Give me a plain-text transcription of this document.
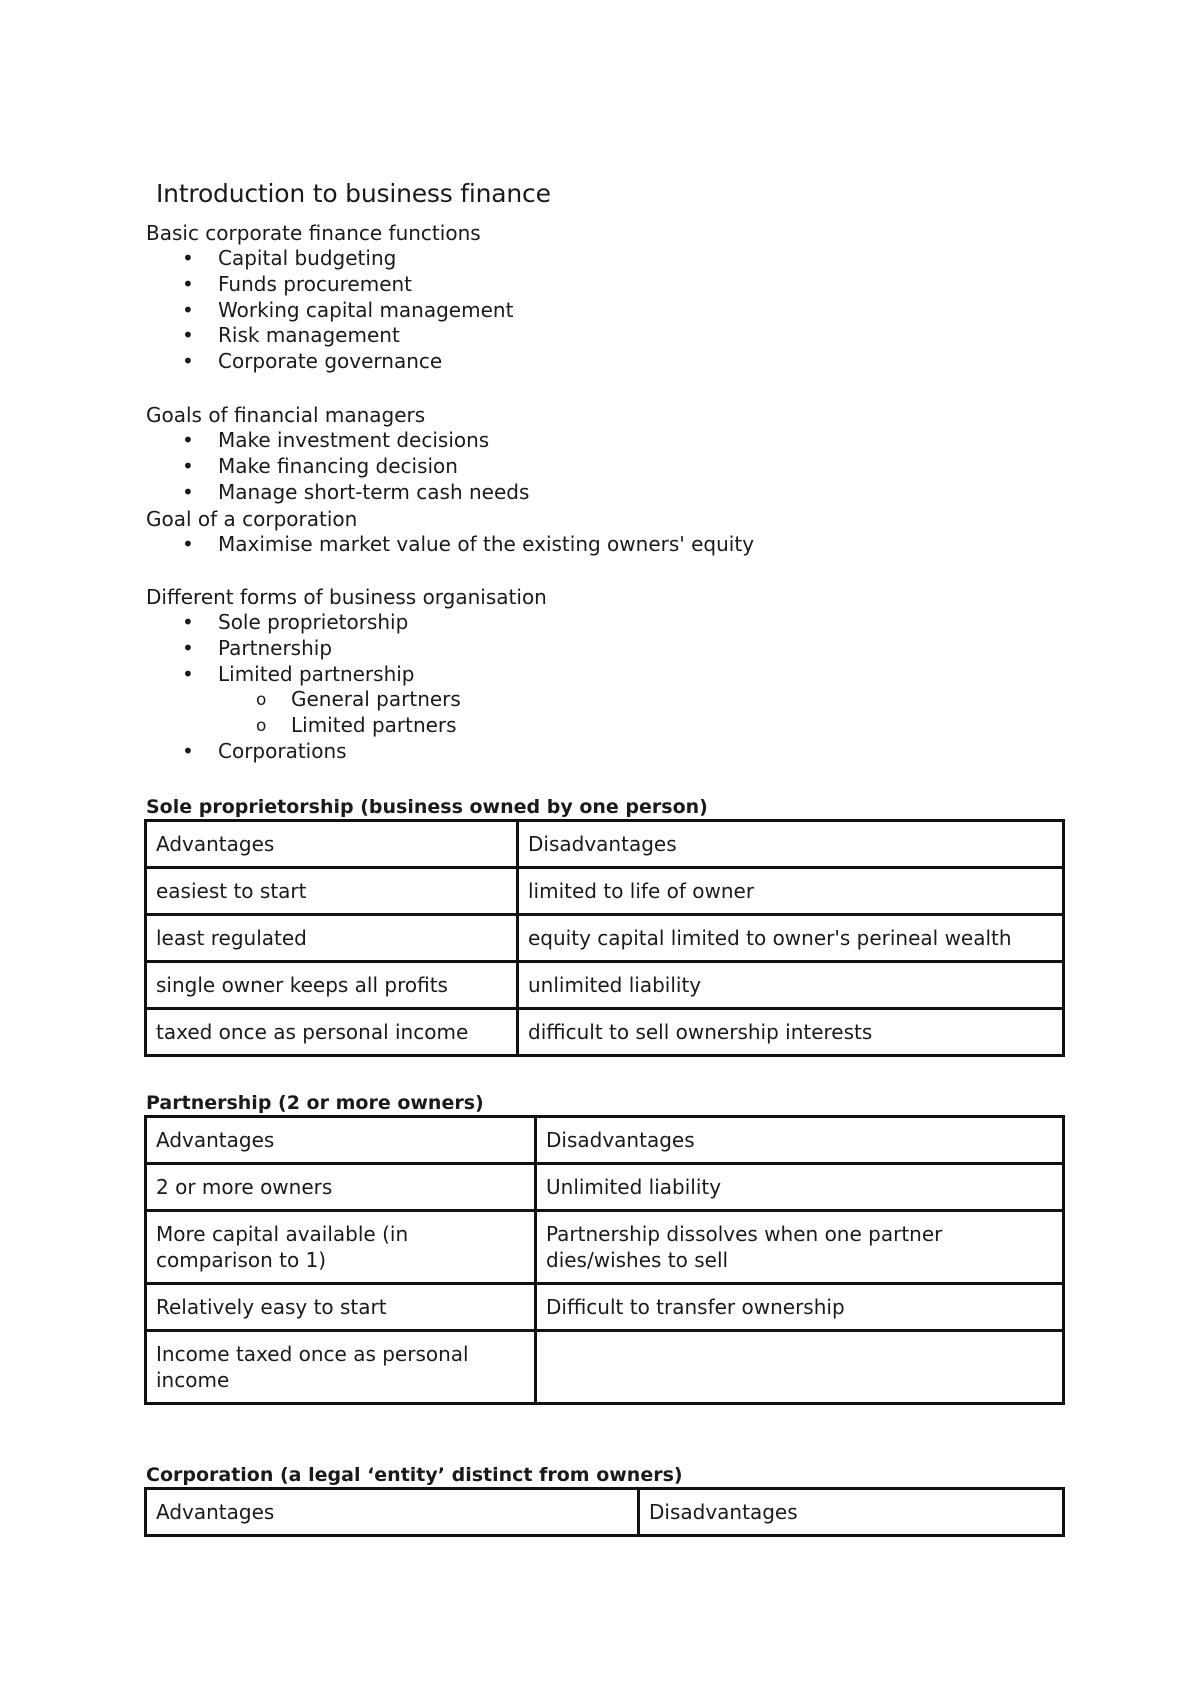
Introduction to business finance
Basic corporate finance functions
• Capital budgeting
• Funds procurement
• Working capital management
• Risk management
• Corporate governance
Goals of financial managers
• Make investment decisions
• Make financing decision
• Manage short-term cash needs
Goal of a corporation
• Maximise market value of the existing owners' equity
Different forms of business organisation
• Sole proprietorship
• Partnership
• Limited partnership
o General partners
o Limited partners
• Corporations
Sole proprietorship (business owned by one person)
Advantages	Disadvantages
easiest to start	limited to life of owner
least regulated	equity capital limited to owner's perineal wealth
single owner keeps all profits	unlimited liability
taxed once as personal income	difficult to sell ownership interests
Partnership (2 or more owners)
Advantages	Disadvantages
2 or more owners	Unlimited liability
More capital available (in comparison to 1)	Partnership dissolves when one partner dies/wishes to sell
Relatively easy to start	Difficult to transfer ownership
Income taxed once as personal income	
Corporation (a legal ‘entity’ distinct from owners)
Advantages	Disadvantages
